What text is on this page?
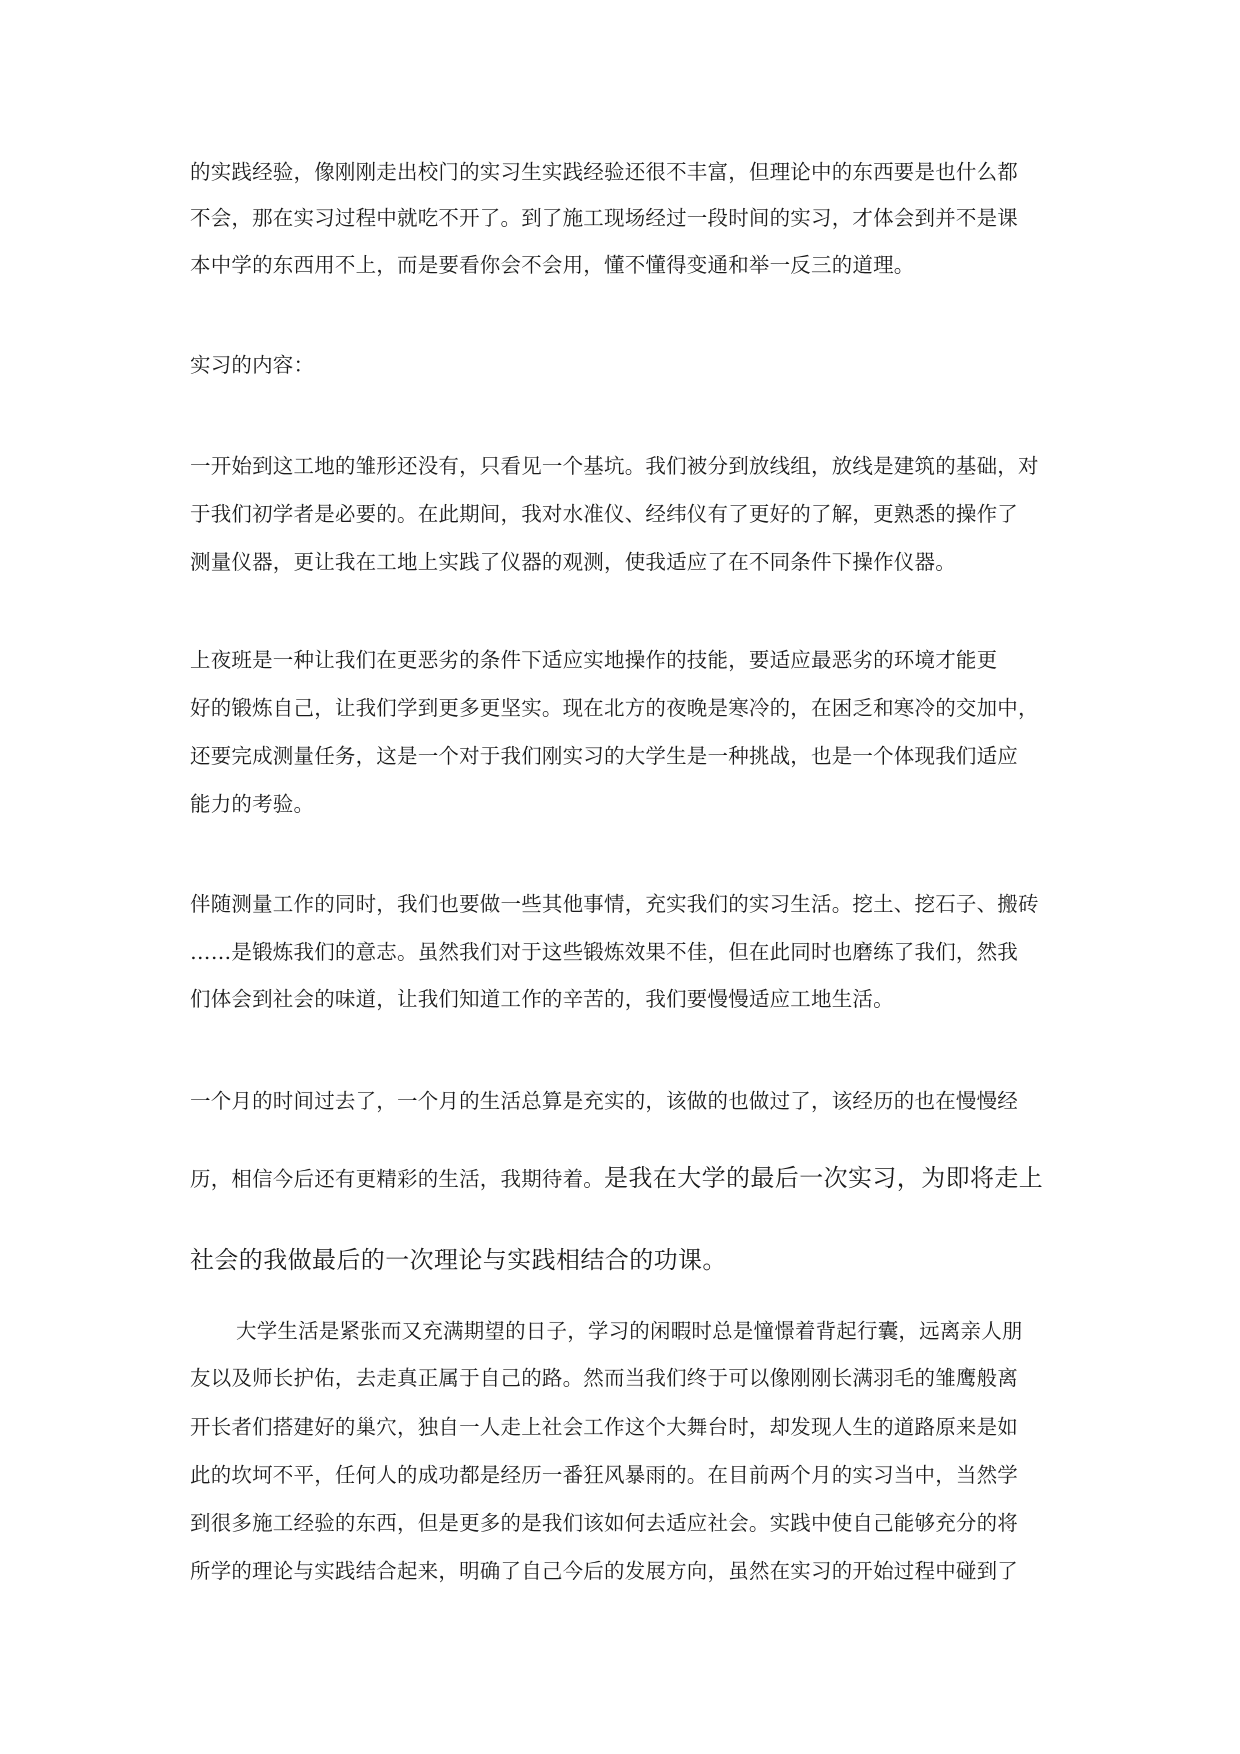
的实践经验，像刚刚走出校门的实习生实践经验还很不丰富，但理论中的东西要是也什么都
不会，那在实习过程中就吃不开了。到了施工现场经过一段时间的实习，才体会到并不是课
本中学的东西用不上，而是要看你会不会用，懂不懂得变通和举一反三的道理。
实习的内容：
一开始到这工地的雏形还没有，只看见一个基坑。我们被分到放线组，放线是建筑的基础，对
于我们初学者是必要的。在此期间，我对水准仪、经纬仪有了更好的了解，更熟悉的操作了
测量仪器，更让我在工地上实践了仪器的观测，使我适应了在不同条件下操作仪器。
上夜班是一种让我们在更恶劣的条件下适应实地操作的技能，要适应最恶劣的环境才能更
好的锻炼自己，让我们学到更多更坚实。现在北方的夜晚是寒冷的，在困乏和寒冷的交加中，
还要完成测量任务，这是一个对于我们刚实习的大学生是一种挑战，也是一个体现我们适应
能力的考验。
伴随测量工作的同时，我们也要做一些其他事情，充实我们的实习生活。挖土、挖石子、搬砖
……是锻炼我们的意志。虽然我们对于这些锻炼效果不佳，但在此同时也磨练了我们，然我
们体会到社会的味道，让我们知道工作的辛苦的，我们要慢慢适应工地生活。
一个月的时间过去了，一个月的生活总算是充实的，该做的也做过了，该经历的也在慢慢经
历，相信今后还有更精彩的生活，我期待着。是我在大学的最后一次实习，为即将走上
社会的我做最后的一次理论与实践相结合的功课。
大学生活是紧张而又充满期望的日子，学习的闲暇时总是憧憬着背起行囊，远离亲人朋
友以及师长护佑，去走真正属于自己的路。然而当我们终于可以像刚刚长满羽毛的雏鹰般离
开长者们搭建好的巢穴，独自一人走上社会工作这个大舞台时，却发现人生的道路原来是如
此的坎坷不平，任何人的成功都是经历一番狂风暴雨的。在目前两个月的实习当中，当然学
到很多施工经验的东西，但是更多的是我们该如何去适应社会。实践中使自己能够充分的将
所学的理论与实践结合起来，明确了自己今后的发展方向，虽然在实习的开始过程中碰到了
